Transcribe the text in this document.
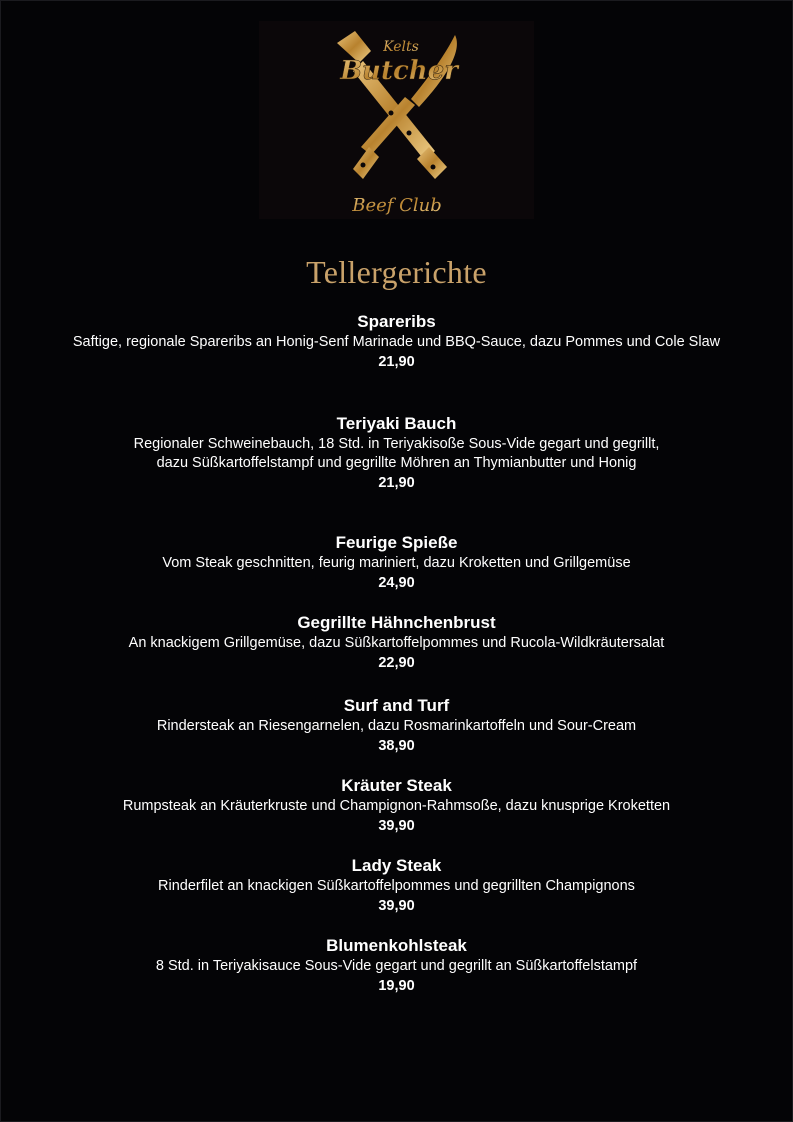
Kelts
Butcher
Beef Club
Tellergerichte
Spareribs
Saftige, regionale Spareribs an Honig-Senf Marinade und BBQ-Sauce, dazu Pommes und Cole Slaw
21,90
Teriyaki Bauch
Regionaler Schweinebauch, 18 Std. in Teriyakisoße Sous-Vide gegart und gegrillt,
dazu Süßkartoffelstampf und gegrillte Möhren an Thymianbutter und Honig
21,90
Feurige Spieße
Vom Steak geschnitten, feurig mariniert, dazu Kroketten und Grillgemüse
24,90
Gegrillte Hähnchenbrust
An knackigem Grillgemüse, dazu Süßkartoffelpommes und Rucola-Wildkräutersalat
22,90
Surf and Turf
Rindersteak an Riesengarnelen, dazu Rosmarinkartoffeln und Sour-Cream
38,90
Kräuter Steak
Rumpsteak an Kräuterkruste und Champignon-Rahmsoße, dazu knusprige Kroketten
39,90
Lady Steak
Rinderfilet an knackigen Süßkartoffelpommes und gegrillten Champignons
39,90
Blumenkohlsteak
8 Std. in Teriyakisauce Sous-Vide gegart und gegrillt an Süßkartoffelstampf
19,90
